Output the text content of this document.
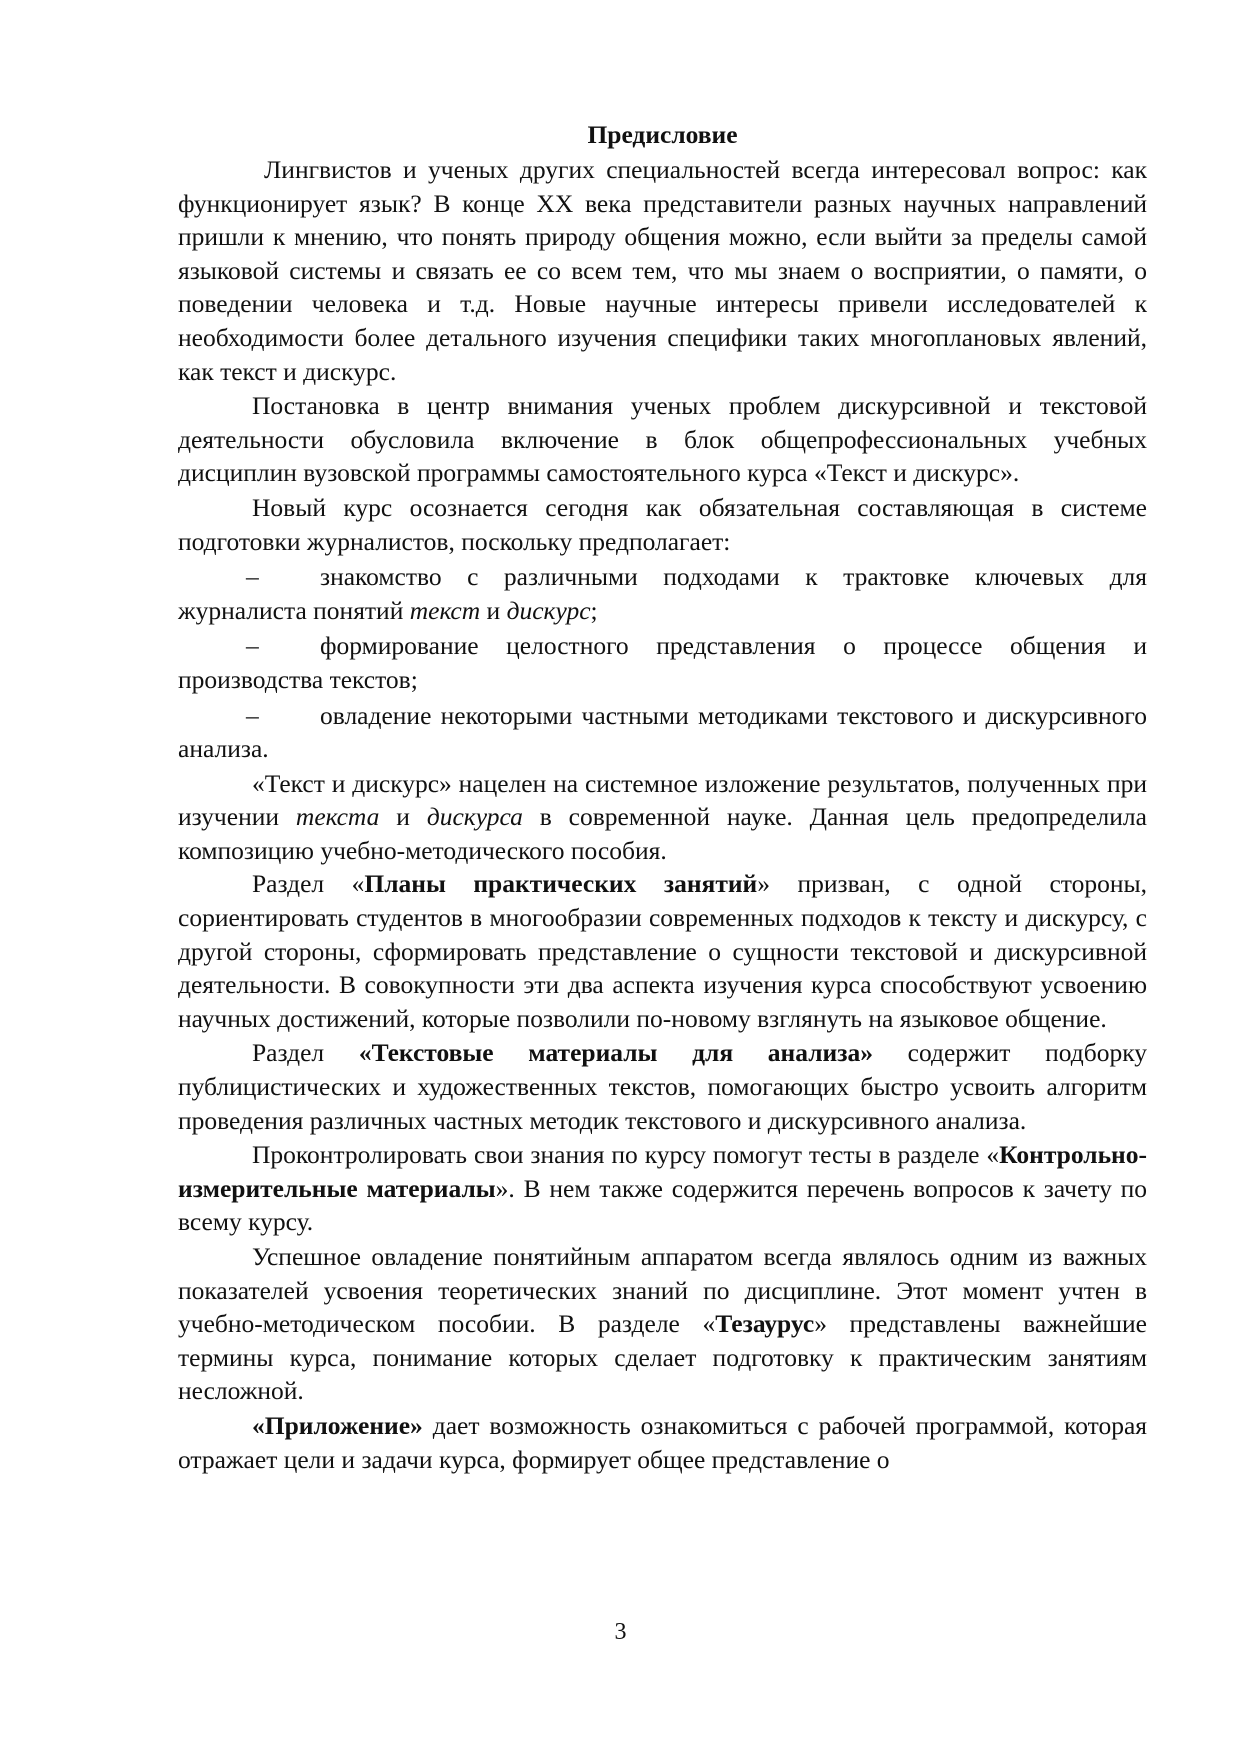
Предисловие

Лингвистов и ученых других специальностей всегда интересовал вопрос: как функционирует язык? В конце XX века представители разных научных направлений пришли к мнению, что понять природу общения можно, если выйти за пределы самой языковой системы и связать ее со всем тем, что мы знаем о восприятии, о памяти, о поведении человека и т.д. Новые научные интересы привели исследователей к необходимости более детального изучения специфики таких многоплановых явлений, как текст и дискурс.

Постановка в центр внимания ученых проблем дискурсивной и текстовой деятельности обусловила включение в блок общепрофессиональных учебных дисциплин вузовской программы самостоятельного курса «Текст и дискурс».

Новый курс осознается сегодня как обязательная составляющая в системе подготовки журналистов, поскольку предполагает:

– знакомство с различными подходами к трактовке ключевых для журналиста понятий текст и дискурс;

– формирование целостного представления о процессе общения и производства текстов;

– овладение некоторыми частными методиками текстового и дискурсивного анализа.

«Текст и дискурс» нацелен на системное изложение результатов, полученных при изучении текста и дискурса в современной науке. Данная цель предопределила композицию учебно-методического пособия.

Раздел «Планы практических занятий» призван, с одной стороны, сориентировать студентов в многообразии современных подходов к тексту и дискурсу, с другой стороны, сформировать представление о сущности текстовой и дискурсивной деятельности. В совокупности эти два аспекта изучения курса способствуют усвоению научных достижений, которые позволили по-новому взглянуть на языковое общение.

Раздел «Текстовые материалы для анализа» содержит подборку публицистических и художественных текстов, помогающих быстро усвоить алгоритм проведения различных частных методик текстового и дискурсивного анализа.

Проконтролировать свои знания по курсу помогут тесты в разделе «Контрольно-измерительные материалы». В нем также содержится перечень вопросов к зачету по всему курсу.

Успешное овладение понятийным аппаратом всегда являлось одним из важных показателей усвоения теоретических знаний по дисциплине. Этот момент учтен в учебно-методическом пособии. В разделе «Тезаурус» представлены важнейшие термины курса, понимание которых сделает подготовку к практическим занятиям несложной.

«Приложение» дает возможность ознакомиться с рабочей программой, которая отражает цели и задачи курса, формирует общее представление о

3
